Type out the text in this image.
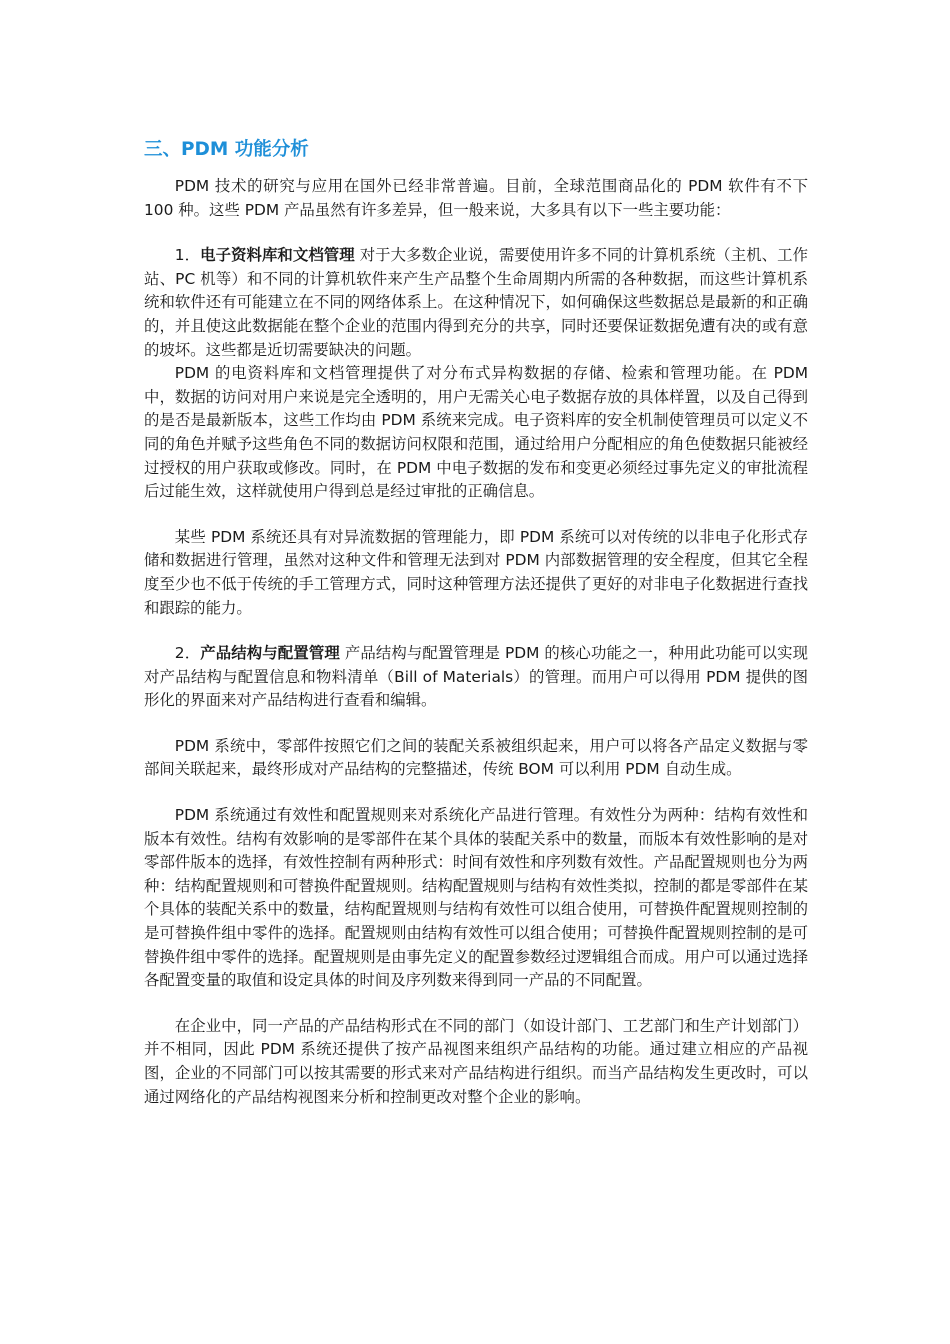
三、PDM 功能分析

PDM 技术的研究与应用在国外已经非常普遍。目前，全球范围商品化的 PDM 软件有不下 100 种。这些 PDM 产品虽然有许多差异，但一般来说，大多具有以下一些主要功能：

1．电子资料库和文档管理 对于大多数企业说，需要使用许多不同的计算机系统（主机、工作站、PC 机等）和不同的计算机软件来产生产品整个生命周期内所需的各种数据，而这些计算机系统和软件还有可能建立在不同的网络体系上。在这种情况下，如何确保这些数据总是最新的和正确的，并且使这此数据能在整个企业的范围内得到充分的共享，同时还要保证数据免遭有决的或有意的坡坏。这些都是近切需要缺决的问题。

PDM 的电资料库和文档管理提供了对分布式异构数据的存储、检索和管理功能。在 PDM 中，数据的访问对用户来说是完全透明的，用户无需关心电子数据存放的具体样置，以及自己得到的是否是最新版本，这些工作均由 PDM 系统来完成。电子资料库的安全机制使管理员可以定义不同的角色并赋予这些角色不同的数据访问权限和范围，通过给用户分配相应的角色使数据只能被经过授权的用户获取或修改。同时，在 PDM 中电子数据的发布和变更必须经过事先定义的审批流程后过能生效，这样就使用户得到总是经过审批的正确信息。

某些 PDM 系统还具有对异流数据的管理能力，即 PDM 系统可以对传统的以非电子化形式存储和数据进行管理，虽然对这种文件和管理无法到对 PDM 内部数据管理的安全程度，但其它全程度至少也不低于传统的手工管理方式，同时这种管理方法还提供了更好的对非电子化数据进行查找和跟踪的能力。

2．产品结构与配置管理 产品结构与配置管理是 PDM 的核心功能之一，种用此功能可以实现对产品结构与配置信息和物料清单（Bill of Materials）的管理。而用户可以得用 PDM 提供的图形化的界面来对产品结构进行查看和编辑。

PDM 系统中，零部件按照它们之间的装配关系被组织起来，用户可以将各产品定义数据与零部间关联起来，最终形成对产品结构的完整描述，传统 BOM 可以利用 PDM 自动生成。

PDM 系统通过有效性和配置规则来对系统化产品进行管理。有效性分为两种：结构有效性和版本有效性。结构有效影响的是零部件在某个具体的装配关系中的数量，而版本有效性影响的是对零部件版本的选择，有效性控制有两种形式：时间有效性和序列数有效性。产品配置规则也分为两种：结构配置规则和可替换件配置规则。结构配置规则与结构有效性类拟，控制的都是零部件在某个具体的装配关系中的数量，结构配置规则与结构有效性可以组合使用，可替换件配置规则控制的是可替换件组中零件的选择。配置规则由结构有效性可以组合使用；可替换件配置规则控制的是可替换件组中零件的选择。配置规则是由事先定义的配置参数经过逻辑组合而成。用户可以通过选择各配置变量的取值和设定具体的时间及序列数来得到同一产品的不同配置。

在企业中，同一产品的产品结构形式在不同的部门（如设计部门、工艺部门和生产计划部门）并不相同，因此 PDM 系统还提供了按产品视图来组织产品结构的功能。通过建立相应的产品视图，企业的不同部门可以按其需要的形式来对产品结构进行组织。而当产品结构发生更改时，可以通过网络化的产品结构视图来分析和控制更改对整个企业的影响。
